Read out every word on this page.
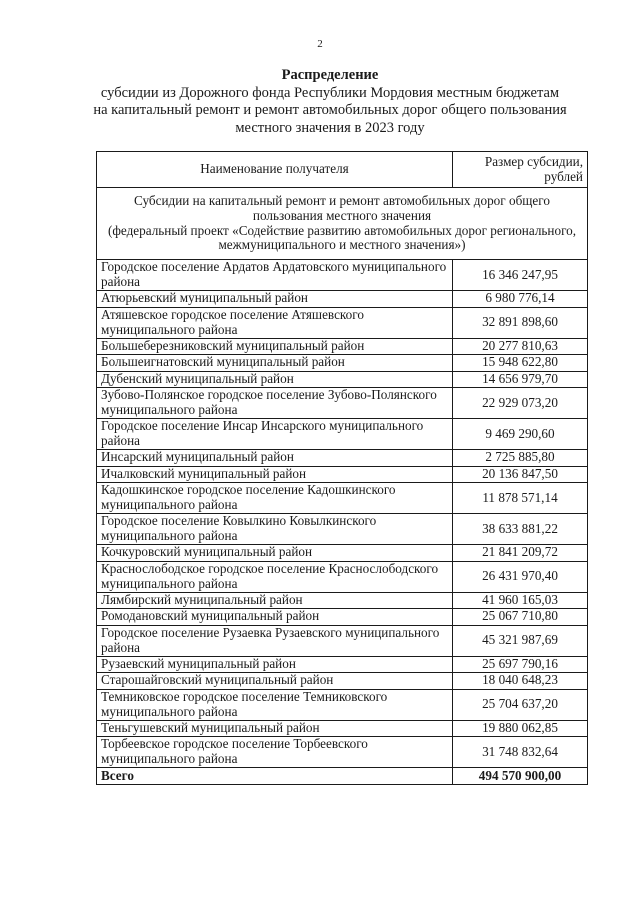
2
Распределение
субсидии из Дорожного фонда Республики Мордовия местным бюджетам
на капитальный ремонт и ремонт автомобильных дорог общего пользования
местного значения в 2023 году
Наименование получателя	Размер субсидии, рублей

Субсидии на капитальный ремонт и ремонт автомобильных дорог общего пользования местного значения
(федеральный проект «Содействие развитию автомобильных дорог регионального, межмуниципального и местного значения»)	

Городское поселение Ардатов Ардатовского муниципального района	16 346 247,95
Атюрьевский муниципальный район	6 980 776,14
Атяшевское городское поселение Атяшевского муниципального района	32 891 898,60
Большеберезниковский муниципальный район	20 277 810,63
Большеигнатовский муниципальный район	15 948 622,80
Дубенский муниципальный район	14 656 979,70
Зубово-Полянское городское поселение Зубово-Полянского муниципального района	22 929 073,20
Городское поселение Инсар Инсарского муниципального района	9 469 290,60
Инсарский муниципальный район	2 725 885,80
Ичалковский муниципальный район	20 136 847,50
Кадошкинское городское поселение Кадошкинского муниципального района	11 878 571,14
Городское поселение Ковылкино Ковылкинского муниципального района	38 633 881,22
Кочкуровский муниципальный район	21 841 209,72
Краснослободское городское поселение Краснослободского муниципального района	26 431 970,40
Лямбирский муниципальный район	41 960 165,03
Ромодановский муниципальный район	25 067 710,80
Городское поселение Рузаевка Рузаевского муниципального района	45 321 987,69
Рузаевский муниципальный район	25 697 790,16
Старошайговский муниципальный район	18 040 648,23
Темниковское городское поселение Темниковского муниципального района	25 704 637,20
Теньгушевский муниципальный район	19 880 062,85
Торбеевское городское поселение Торбеевского муниципального района	31 748 832,64
Всего	494 570 900,00
